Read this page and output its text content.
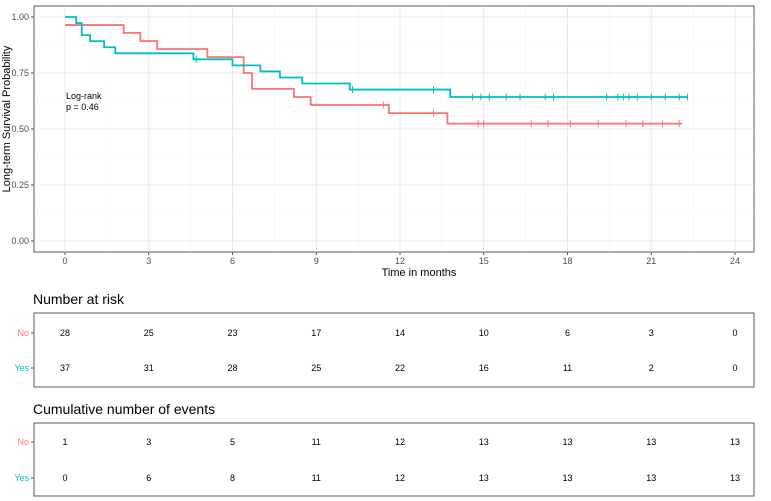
0	3	6	9	12	15	18	21	24
0.00
0.25
0.50
0.75
1.00
Time in months
Long-term Survival Probability	Log-rank
p = 0.46
Number at risk
No	28	25	23	17	14	10	6	3	0
Yes	37	31	28	25	22	16	11	2	0
Cumulative number of events
No	1	3	5	11	12	13	13	13	13
Yes	0	6	8	11	12	13	13	13	13
